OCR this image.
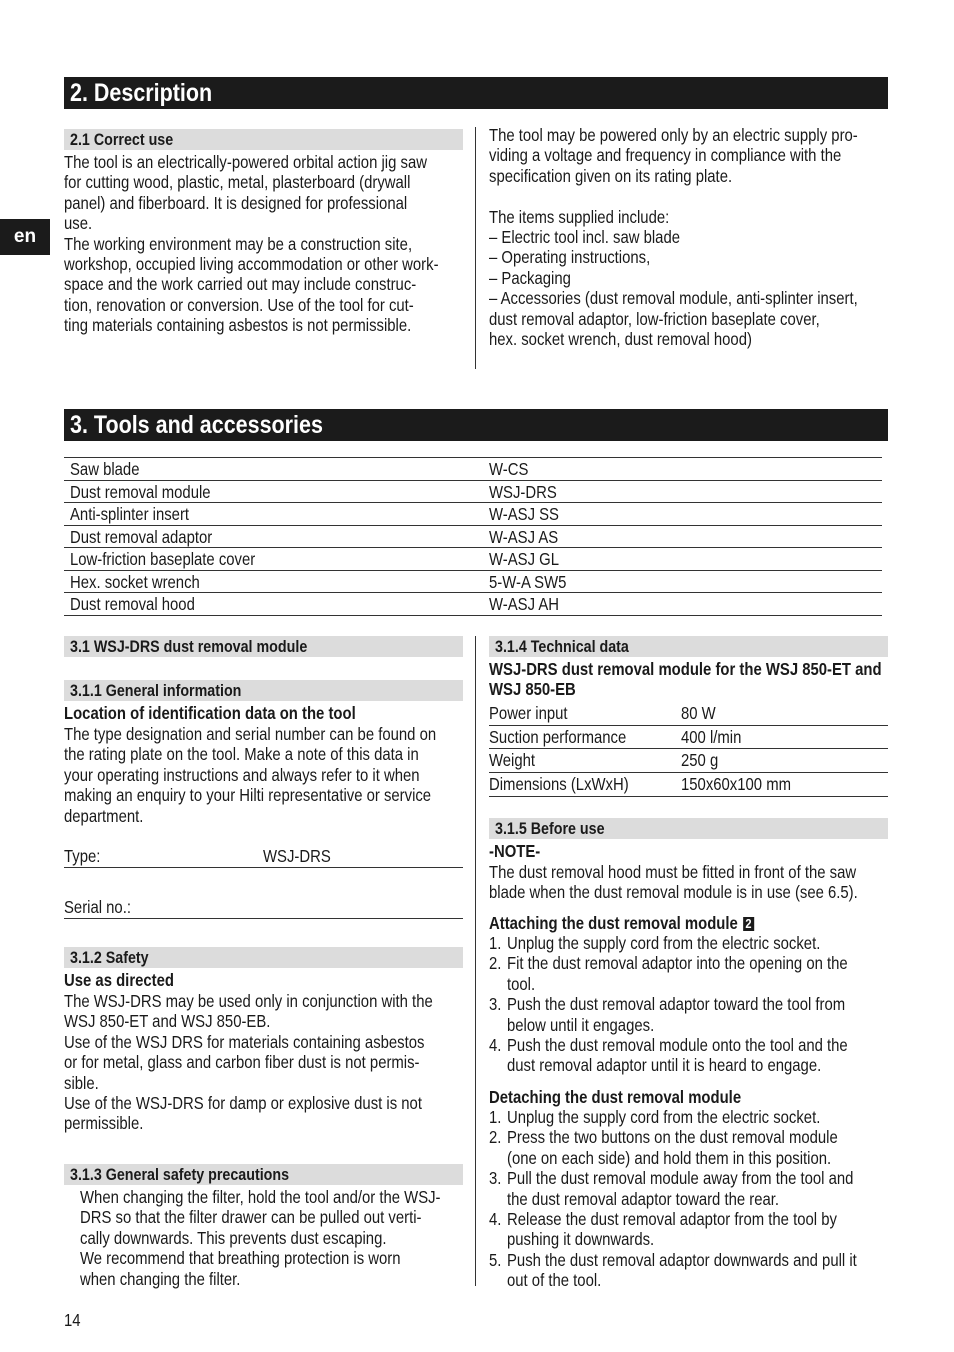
en
2. Description
2.1 Correct use
The tool is an electrically-powered orbital action jig saw
for cutting wood, plastic, metal, plasterboard (drywall
panel) and fiberboard. It is designed for professional
use.
The working environment may be a construction site,
workshop, occupied living accommodation or other work-
space and the work carried out may include construc-
tion, renovation or conversion. Use of the tool for cut-
ting materials containing asbestos is not permissible.
The tool may be powered only by an electric supply pro-
viding a voltage and frequency in compliance with the
specification given on its rating plate.
The items supplied include:
– Electric tool incl. saw blade
– Operating instructions,
– Packaging
– Accessories (dust removal module, anti-splinter insert,
dust removal adaptor, low-friction baseplate cover,
hex. socket wrench, dust removal hood)
3. Tools and accessories
Saw blade	W-CS
Dust removal module	WSJ-DRS
Anti-splinter insert	W-ASJ SS
Dust removal adaptor	W-ASJ AS
Low-friction baseplate cover	W-ASJ GL
Hex. socket wrench	5-W-A SW5
Dust removal hood	W-ASJ AH
3.1 WSJ-DRS dust removal module
3.1.1 General information
Location of identification data on the tool
The type designation and serial number can be found on
the rating plate on the tool. Make a note of this data in
your operating instructions and always refer to it when
making an enquiry to your Hilti representative or service
department.
Type:	WSJ-DRS
Serial no.:
3.1.2 Safety
Use as directed
The WSJ-DRS may be used only in conjunction with the
WSJ 850-ET and WSJ 850-EB.
Use of the WSJ DRS for materials containing asbestos
or for metal, glass and carbon fiber dust is not permis-
sible.
Use of the WSJ-DRS for damp or explosive dust is not
permissible.
3.1.3 General safety precautions
When changing the filter, hold the tool and/or the WSJ-
DRS so that the filter drawer can be pulled out verti-
cally downwards. This prevents dust escaping.
We recommend that breathing protection is worn
when changing the filter.
3.1.4 Technical data
WSJ-DRS dust removal module for the WSJ 850-ET and
WSJ 850-EB
Power input	80 W
Suction performance	400 l/min
Weight	250 g
Dimensions (LxWxH)	150x60x100 mm
3.1.5 Before use
-NOTE-
The dust removal hood must be fitted in front of the saw
blade when the dust removal module is in use (see 6.5).
Attaching the dust removal module 2
1. Unplug the supply cord from the electric socket.
2. Fit the dust removal adaptor into the opening on the
tool.
3. Push the dust removal adaptor toward the tool from
below until it engages.
4. Push the dust removal module onto the tool and the
dust removal adaptor until it is heard to engage.
Detaching the dust removal module
1. Unplug the supply cord from the electric socket.
2. Press the two buttons on the dust removal module
(one on each side) and hold them in this position.
3. Pull the dust removal module away from the tool and
the dust removal adaptor toward the rear.
4. Release the dust removal adaptor from the tool by
pushing it downwards.
5. Push the dust removal adaptor downwards and pull it
out of the tool.
14
